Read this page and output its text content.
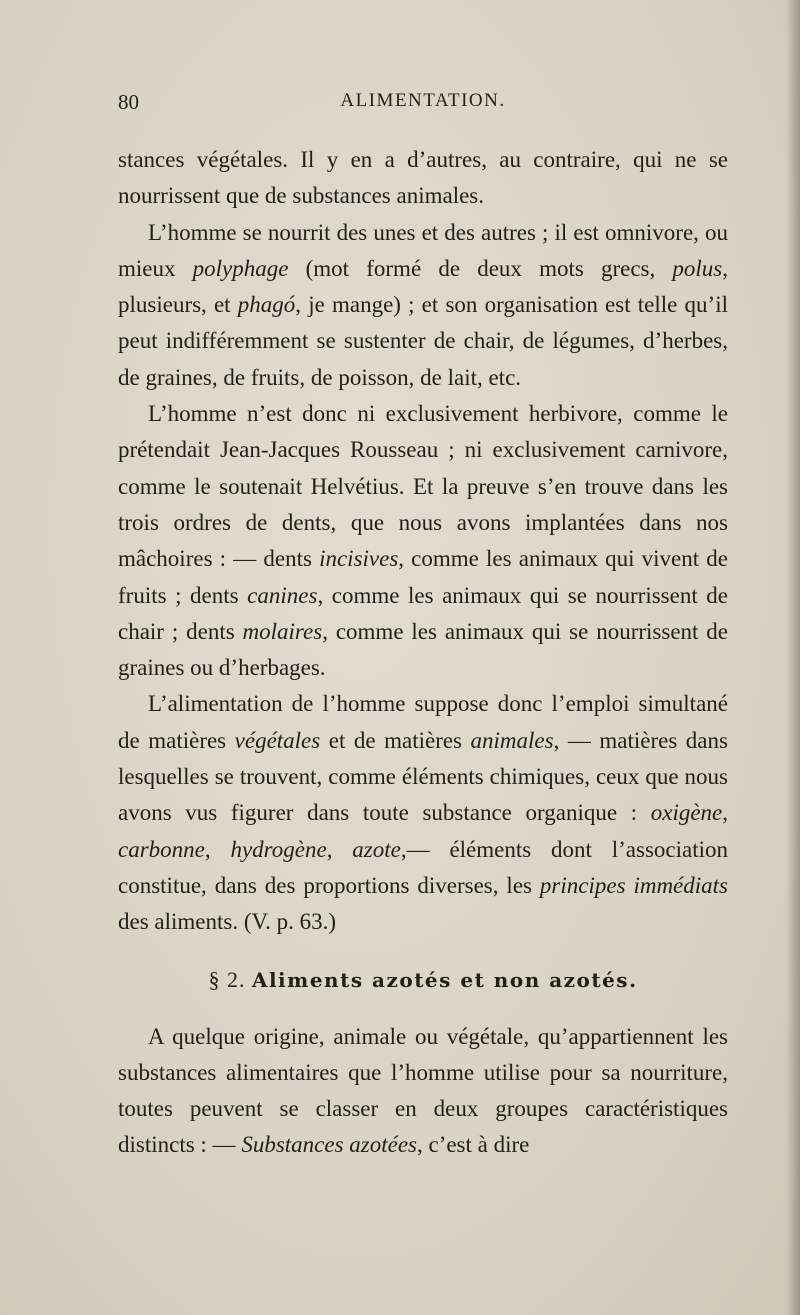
80	ALIMENTATION.

stances végétales. Il y en a d’autres, au contraire, qui ne se nourrissent que de substances animales.

L’homme se nourrit des unes et des autres ; il est omnivore, ou mieux polyphage (mot formé de deux mots grecs, polus, plusieurs, et phagó, je mange) ; et son organisation est telle qu’il peut indifféremment se sustenter de chair, de légumes, d’herbes, de graines, de fruits, de poisson, de lait, etc.

L’homme n’est donc ni exclusivement herbivore, comme le prétendait Jean-Jacques Rousseau ; ni exclusivement carnivore, comme le soutenait Helvétius. Et la preuve s’en trouve dans les trois ordres de dents, que nous avons implantées dans nos mâchoires : — dents incisives, comme les animaux qui vivent de fruits ; dents canines, comme les animaux qui se nourrissent de chair ; dents molaires, comme les animaux qui se nourrissent de graines ou d’herbages.

L’alimentation de l’homme suppose donc l’emploi simultané de matières végétales et de matières animales, — matières dans lesquelles se trouvent, comme éléments chimiques, ceux que nous avons vus figurer dans toute substance organique : oxigène, carbonne, hydrogène, azote,— éléments dont l’association constitue, dans des proportions diverses, les principes immédiats des aliments. (V. p. 63.)

§ 2. Aliments azotés et non azotés.

A quelque origine, animale ou végétale, qu’appartiennent les substances alimentaires que l’homme utilise pour sa nourriture, toutes peuvent se classer en deux groupes caractéristiques distincts : — Substances azotées, c’est à dire
